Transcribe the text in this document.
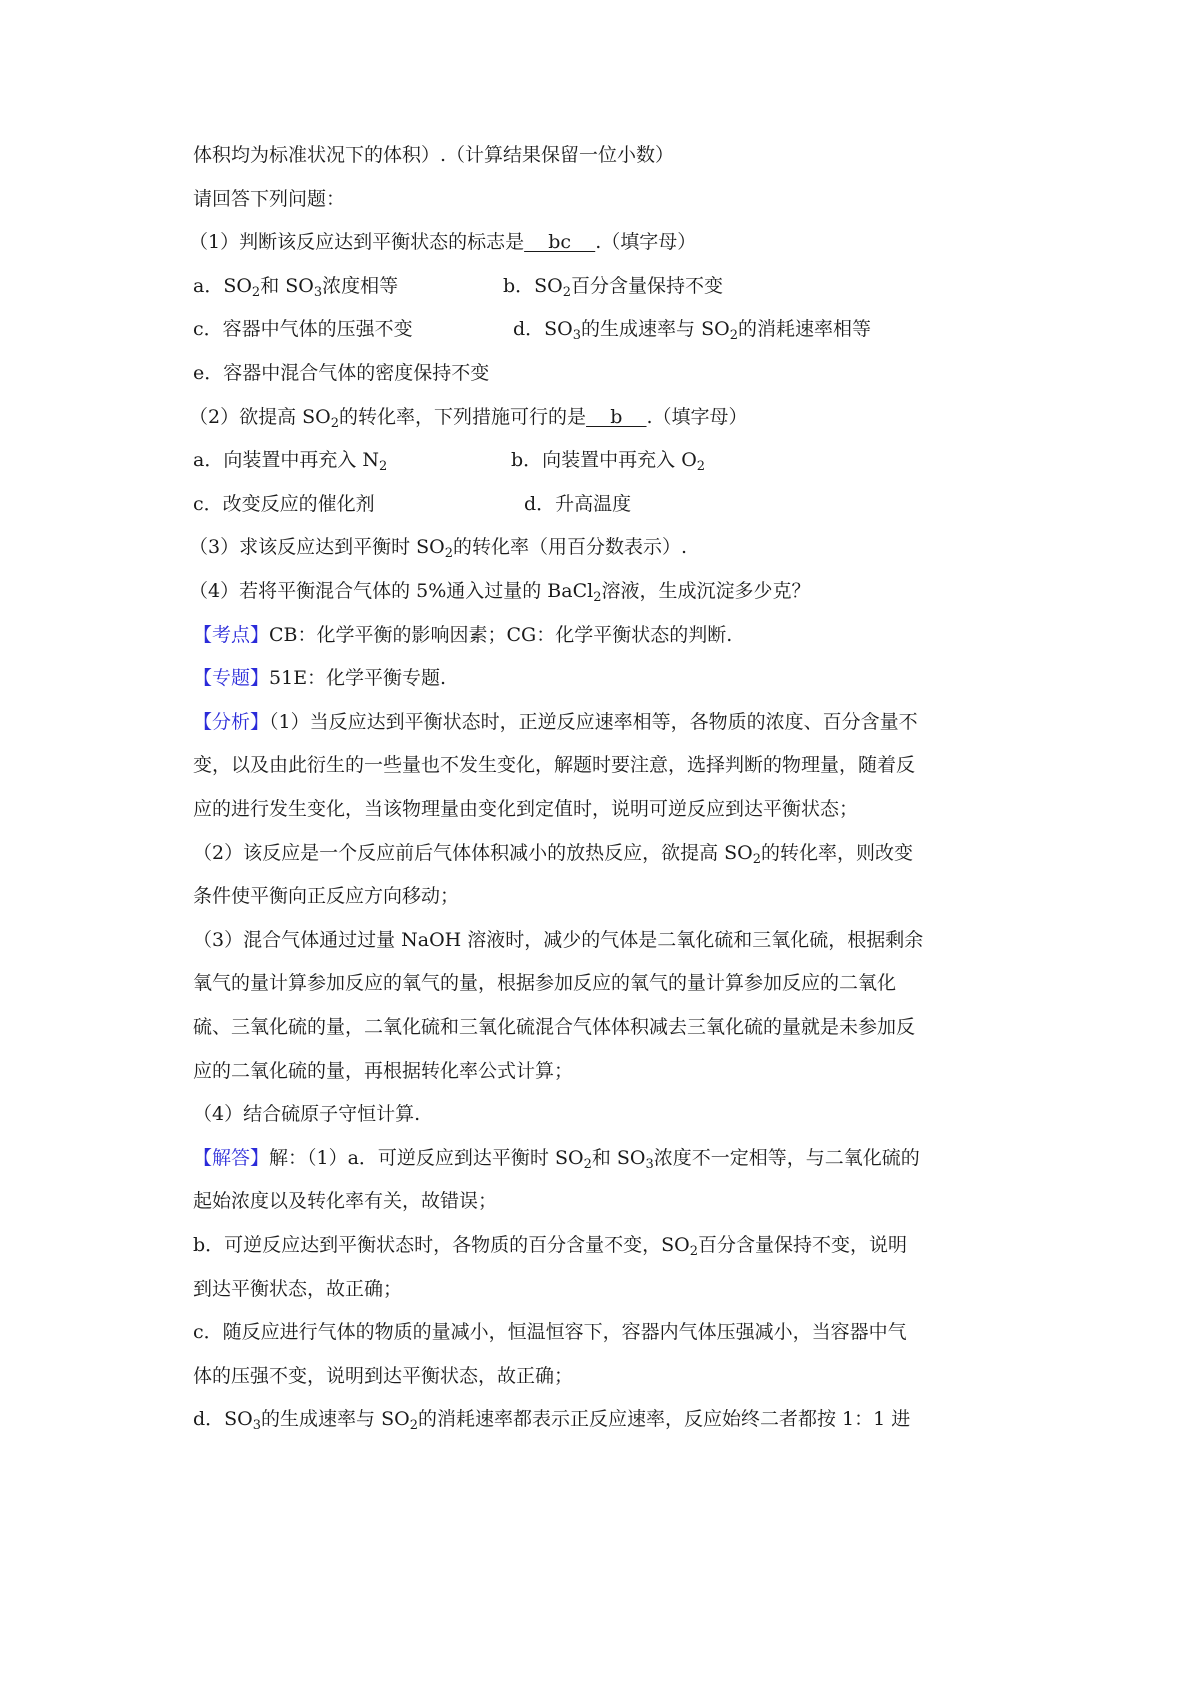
体积均为标准状况下的体积）.（计算结果保留一位小数）
请回答下列问题：
（1）判断该反应达到平衡状态的标志是    bc    .（填字母）
a．$SO_2$和 $SO_3$浓度相等	b．$SO_2$百分含量保持不变
c．容器中气体的压强不变	d．$SO_3$的生成速率与 $SO_2$的消耗速率相等
e．容器中混合气体的密度保持不变
（2）欲提高 $SO_2$的转化率，下列措施可行的是    b    .（填字母）
a．向装置中再充入 $N_2$	b．向装置中再充入 $O_2$
c．改变反应的催化剂	d．升高温度
（3）求该反应达到平衡时 $SO_2$的转化率（用百分数表示）.
（4）若将平衡混合气体的 5%通入过量的 BaCl$_2$溶液，生成沉淀多少克？
【考点】CB：化学平衡的影响因素；CG：化学平衡状态的判断.
【专题】51E：化学平衡专题.
【分析】（1）当反应达到平衡状态时，正逆反应速率相等，各物质的浓度、百分含量不
变，以及由此衍生的一些量也不发生变化，解题时要注意，选择判断的物理量，随着反
应的进行发生变化，当该物理量由变化到定值时，说明可逆反应到达平衡状态；
（2）该反应是一个反应前后气体体积减小的放热反应，欲提高 $SO_2$的转化率，则改变
条件使平衡向正反应方向移动；
（3）混合气体通过过量 NaOH 溶液时，减少的气体是二氧化硫和三氧化硫，根据剩余
氧气的量计算参加反应的氧气的量，根据参加反应的氧气的量计算参加反应的二氧化
硫、三氧化硫的量，二氧化硫和三氧化硫混合气体体积减去三氧化硫的量就是未参加反
应的二氧化硫的量，再根据转化率公式计算；
（4）结合硫原子守恒计算.
【解答】解：（1）a．可逆反应到达平衡时 $SO_2$和 $SO_3$浓度不一定相等，与二氧化硫的
起始浓度以及转化率有关，故错误；
b．可逆反应达到平衡状态时，各物质的百分含量不变，$SO_2$百分含量保持不变，说明
到达平衡状态，故正确；
c．随反应进行气体的物质的量减小，恒温恒容下，容器内气体压强减小，当容器中气
体的压强不变，说明到达平衡状态，故正确；
d．$SO_3$的生成速率与 $SO_2$的消耗速率都表示正反应速率，反应始终二者都按 1：1 进
